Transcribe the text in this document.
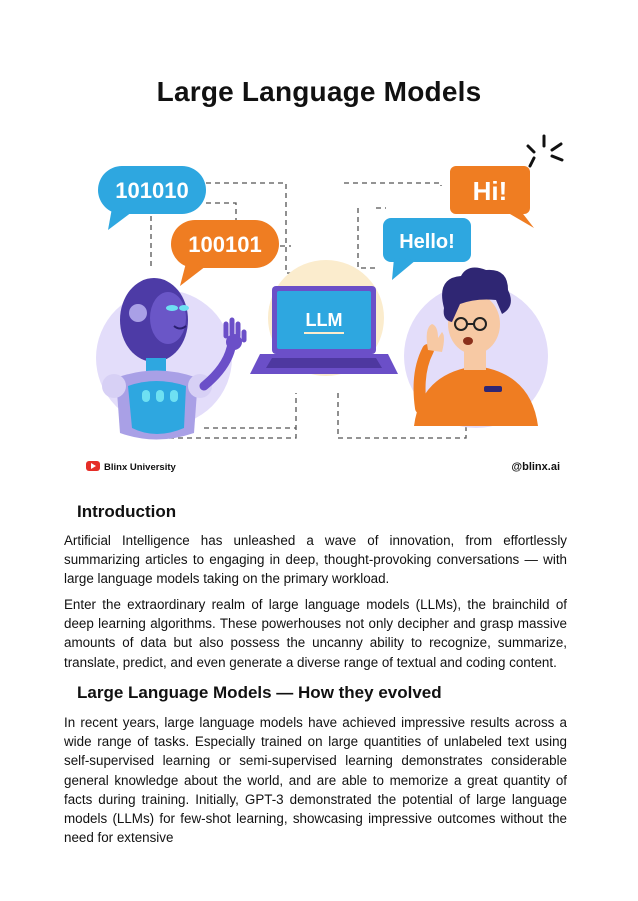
Large Language Models
101010
100101	Hello!
Hi!
LLM
Blinx University	@blinx.ai
Introduction

Artificial Intelligence has unleashed a wave of innovation, from effortlessly summarizing articles to engaging in deep, thought-provoking conversations — with large language models taking on the primary workload.

Enter the extraordinary realm of large language models (LLMs), the brainchild of deep learning algorithms. These powerhouses not only decipher and grasp massive amounts of data but also possess the uncanny ability to recognize, summarize, translate, predict, and even generate a diverse range of textual and coding content.

Large Language Models — How they evolved

In recent years, large language models have achieved impressive results across a wide range of tasks. Especially trained on large quantities of unlabeled text using self-supervised learning or semi-supervised learning demonstrates considerable general knowledge about the world, and are able to memorize a great quantity of facts during training. Initially, GPT-3 demonstrated the potential of large language models (LLMs) for few-shot learning, showcasing impressive outcomes without the need for extensive
